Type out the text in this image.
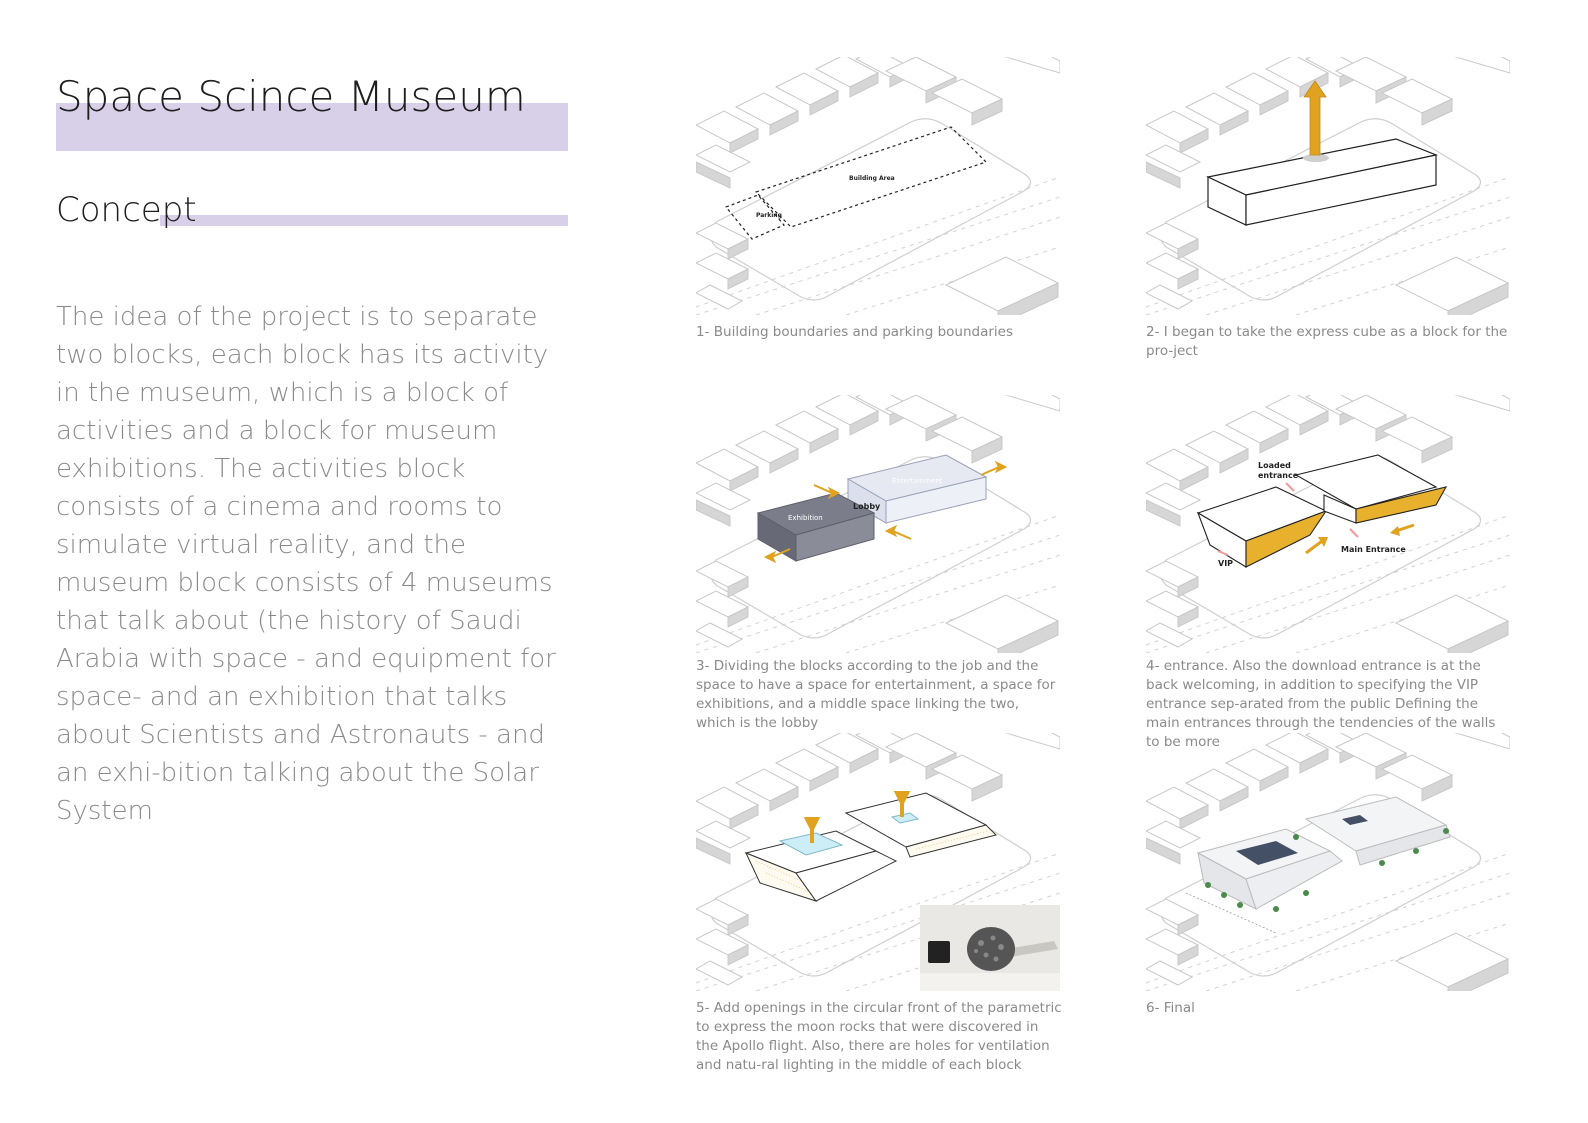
Space Scince Museum
Concept

The idea of the project is to separate two blocks, each block has its activity in the museum, which is a block of activities and a block for museum exhibitions. The activities block consists of a cinema and rooms to simulate virtual reality, and the museum block consists of 4 museums that talk about (the history of Saudi Arabia with space - and equipment for space- and an exhibition that talks about Scientists and Astronauts - and an exhi-bition talking about the Solar System

Building Area
Parking

1- Building boundaries and parking boundaries	2- I began to take the express cube as a block for the pro-ject

Entertainment
Exhibition
Lobby

3- Dividing the blocks according to the job and the space to have a space for entertainment, a space for exhibitions, and a middle space linking the two, which is the lobby

Loaded
entrance
VIP
Main Entrance

4- entrance. Also the download entrance is at the back welcoming, in addition to specifying the VIP entrance sep-arated from the public Defining the main entrances through the tendencies of the walls to be more

5- Add openings in the circular front of the parametric to express the moon rocks that were discovered in the Apollo flight. Also, there are holes for ventilation and natu-ral lighting in the middle of each block

6- Final
